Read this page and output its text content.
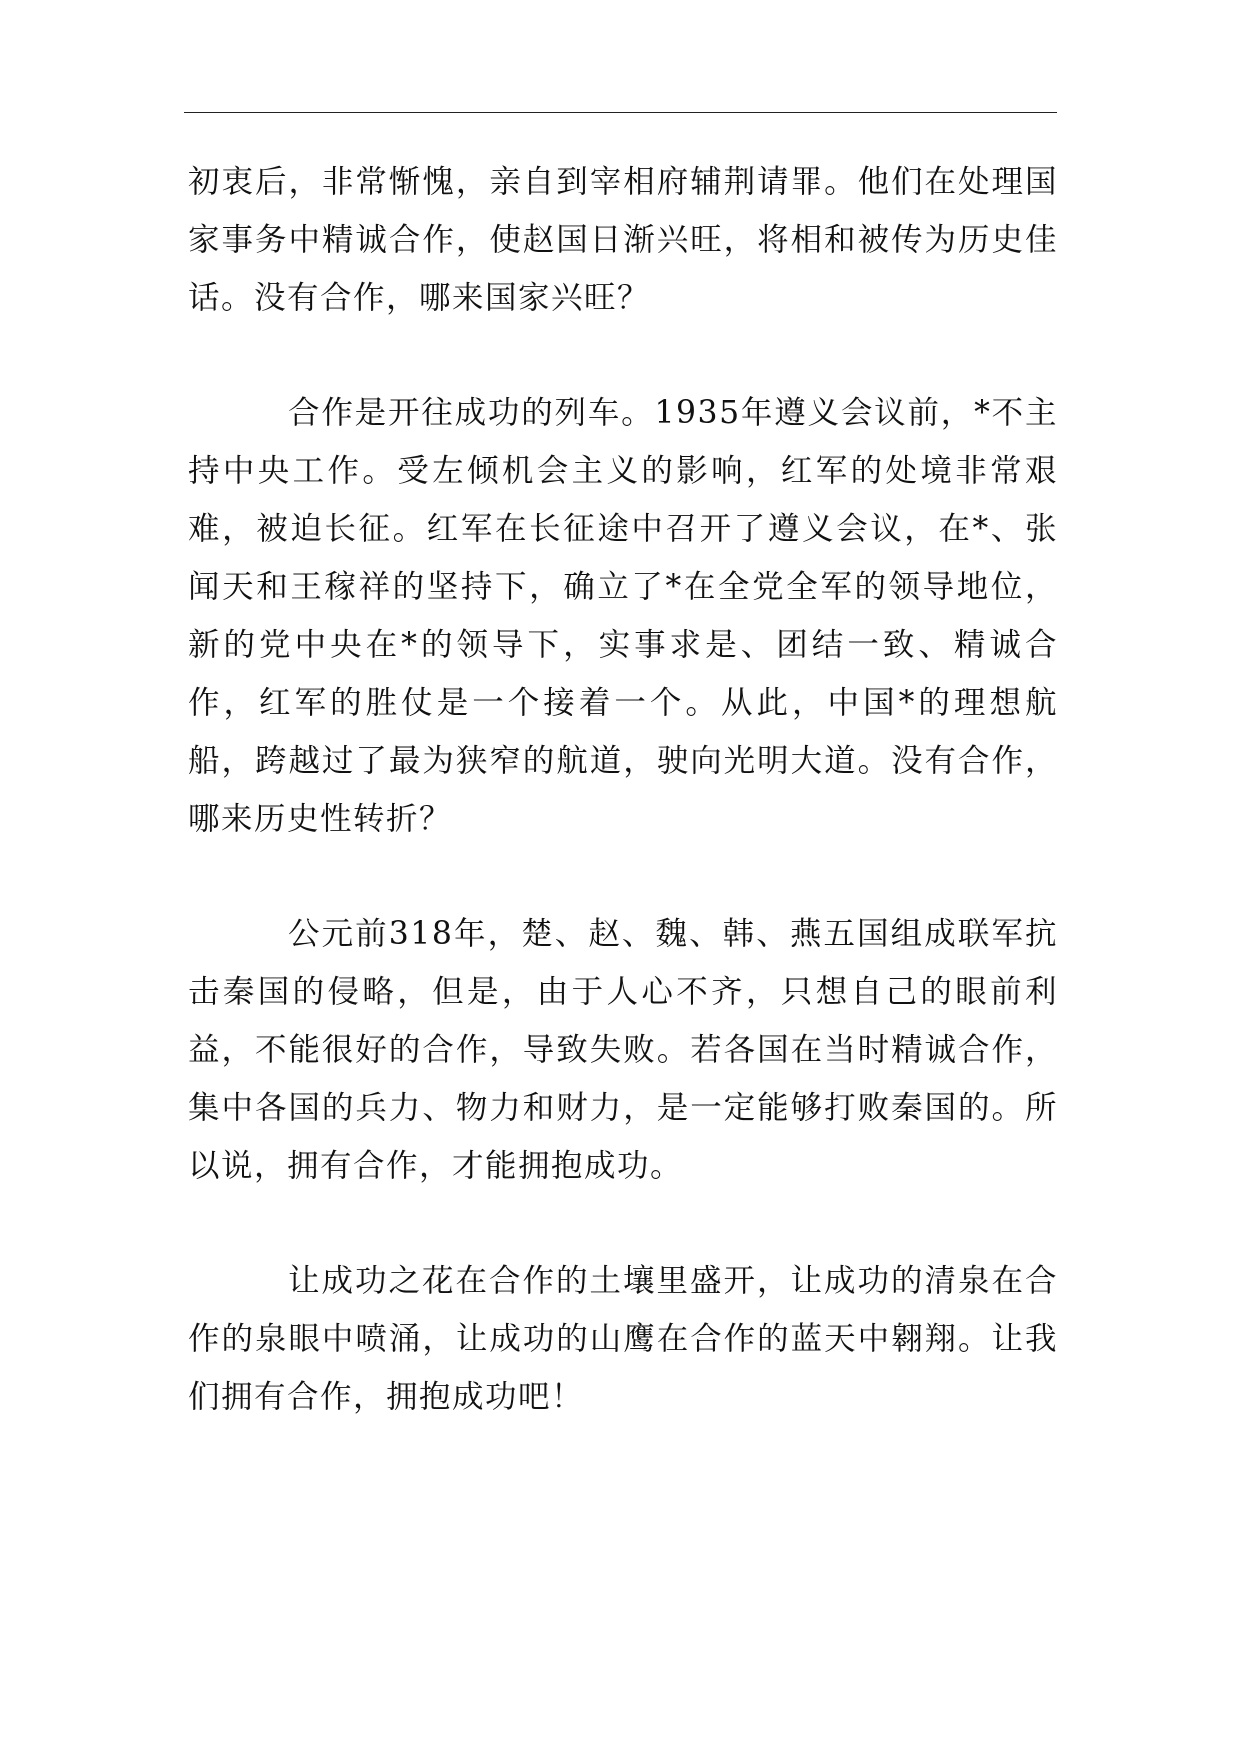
初衷后，非常惭愧，亲自到宰相府辅荆请罪。他们在处理国家事务中精诚合作，使赵国日渐兴旺，将相和被传为历史佳话。没有合作，哪来国家兴旺？

合作是开往成功的列车。1935年遵义会议前，*不主持中央工作。受左倾机会主义的影响，红军的处境非常艰难，被迫长征。红军在长征途中召开了遵义会议，在*、张闻天和王稼祥的坚持下，确立了*在全党全军的领导地位，新的党中央在*的领导下，实事求是、团结一致、精诚合作，红军的胜仗是一个接着一个。从此，中国*的理想航船，跨越过了最为狭窄的航道，驶向光明大道。没有合作，哪来历史性转折？

公元前318年，楚、赵、魏、韩、燕五国组成联军抗击秦国的侵略，但是，由于人心不齐，只想自己的眼前利益，不能很好的合作，导致失败。若各国在当时精诚合作，集中各国的兵力、物力和财力，是一定能够打败秦国的。所以说，拥有合作，才能拥抱成功。

让成功之花在合作的土壤里盛开，让成功的清泉在合作的泉眼中喷涌，让成功的山鹰在合作的蓝天中翱翔。让我们拥有合作，拥抱成功吧！
